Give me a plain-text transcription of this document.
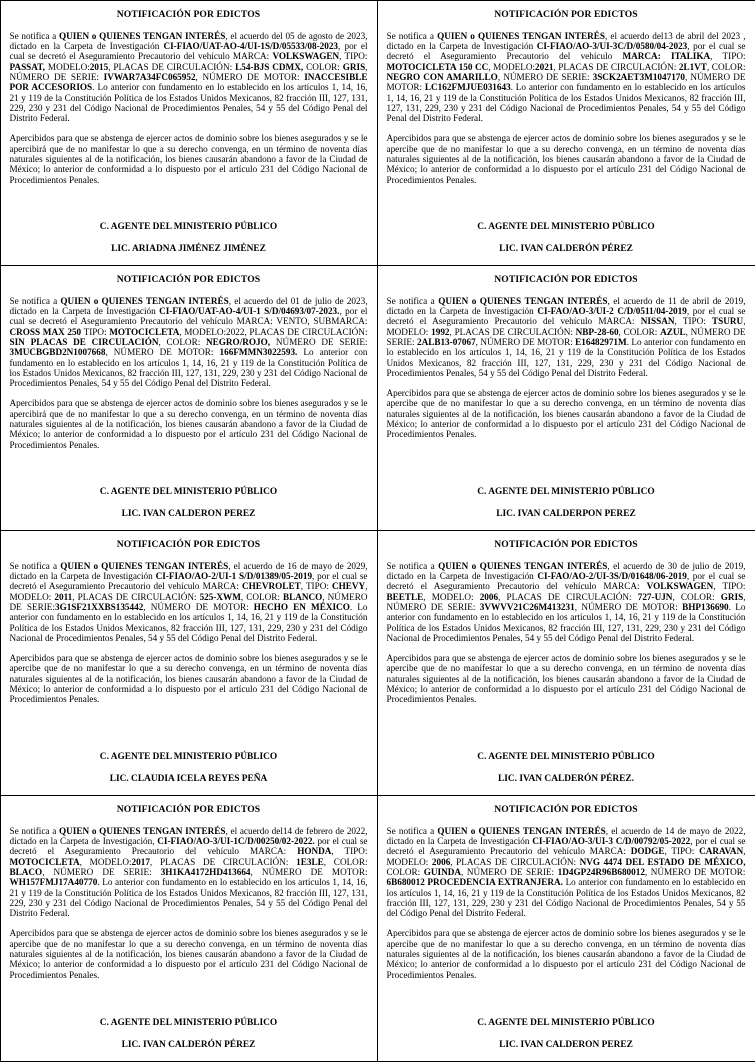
NOTIFICACIÓN POR EDICTOS

Se notifica a QUIEN o QUIENES TENGAN INTERÉS, el acuerdo del 05 de agosto de 2023, dictado en la Carpeta de Investigación CI-FIAO/UAT-AO-4/UI-1S/D/05533/08-2023, por el cual se decretó el Aseguramiento Precautorio del vehículo MARCA: VOLKSWAGEN, TIPO: PASSAT, MODELO:2015, PLACAS DE CIRCULACIÓN: L54-BJS CDMX, COLOR: GRIS, NÚMERO DE SERIE: IVWAR7A34FC065952, NÚMERO DE MOTOR: INACCESIBLE POR ACCESORIOS. Lo anterior con fundamento en lo establecido en los artículos 1, 14, 16, 21 y 119 de la Constitución Política de los Estados Unidos Mexicanos, 82 fracción III, 127, 131, 229, 230 y 231 del Código Nacional de Procedimientos Penales, 54 y 55 del Código Penal del Distrito Federal.

Apercibidos para que se abstenga de ejercer actos de dominio sobre los bienes asegurados y se le apercibirá que de no manifestar lo que a su derecho convenga, en un término de noventa días naturales siguientes al de la notificación, los bienes causarán abandono a favor de la Ciudad de México; lo anterior de conformidad a lo dispuesto por el artículo 231 del Código Nacional de Procedimientos Penales.

C. AGENTE DEL MINISTERIO PÚBLICO
LIC. ARIADNA JIMÉNEZ JIMÉNEZ
NOTIFICACIÓN POR EDICTOS

Se notifica a QUIEN o QUIENES TENGAN INTERÉS, el acuerdo del13 de abril del 2023 , dictado en la Carpeta de Investigación CI-FIAO/AO-3/UI-3C/D/0580/04-2023, por el cual se decretó el Aseguramiento Precautorio del vehículo MARCA: ITALIKA, TIPO: MOTOCICLETA 150 CC, MODELO:2021, PLACAS DE CIRCULACIÓN: 2L1VT, COLOR: NEGRO CON AMARILLO, NÚMERO DE SERIE: 3SCK2AET3M1047170, NÚMERO DE MOTOR: LC162FMJUE031643. Lo anterior con fundamento en lo establecido en los artículos 1, 14, 16, 21 y 119 de la Constitución Política de los Estados Unidos Mexicanos, 82 fracción III, 127, 131, 229, 230 y 231 del Código Nacional de Procedimientos Penales, 54 y 55 del Código Penal del Distrito Federal.

Apercibidos para que se abstenga de ejercer actos de dominio sobre los bienes asegurados y se le apercibe que de no manifestar lo que a su derecho convenga, en un término de noventa días naturales siguientes al de la notificación, los bienes causarán abandono a favor de la Ciudad de México; lo anterior de conformidad a lo dispuesto por el artículo 231 del Código Nacional de Procedimientos Penales.

C. AGENTE DEL MINISTERIO PÚBLICO
LIC. IVAN CALDERÓN PÉREZ
NOTIFICACIÓN POR EDICTOS

Se notifica a QUIEN o QUIENES TENGAN INTERÉS, el acuerdo del 01 de julio de 2023, dictado en la Carpeta de Investigación CI-FIAO/UAT-AO-4/UI-1 S/D/04693/07-2023., por el cual se decretó el Aseguramiento Precautorio del vehículo MARCA: VENTO, SUBMARCA: CROSS MAX 250 TIPO: MOTOCICLETA, MODELO:2022, PLACAS DE CIRCULACIÓN: SIN PLACAS DE CIRCULACIÓN, COLOR: NEGRO/ROJO, NÚMERO DE SERIE: 3MUCBGBD2N1007668, NÚMERO DE MOTOR: 166FMMN3022593. Lo anterior con fundamento en lo establecido en los artículos 1, 14, 16, 21 y 119 de la Constitución Política de los Estados Unidos Mexicanos, 82 fracción III, 127, 131, 229, 230 y 231 del Código Nacional de Procedimientos Penales, 54 y 55 del Código Penal del Distrito Federal.

Apercibidos para que se abstenga de ejercer actos de dominio sobre los bienes asegurados y se le apercibirá que de no manifestar lo que a su derecho convenga, en un término de noventa días naturales siguientes al de la notificación, los bienes causarán abandono a favor de la Ciudad de México; lo anterior de conformidad a lo dispuesto por el artículo 231 del Código Nacional de Procedimientos Penales.

C. AGENTE DEL MINISTERIO PÚBLICO
LIC. IVAN CALDERON PEREZ
NOTIFICACIÓN POR EDICTOS

Se notifica a QUIEN o QUIENES TENGAN INTERÉS, el acuerdo de 11 de abril de 2019, dictado en la Carpeta de Investigación CI-FAO/AO-3/UI-2 C/D/0511/04-2019, por el cual se decretó el Aseguramiento Precautorio del vehículo MARCA: NISSAN, TIPO: TSURU, MODELO: 1992, PLACAS DE CIRCULACIÓN: NBP-28-60, COLOR: AZUL, NÚMERO DE SERIE: 2ALB13-07067, NÚMERO DE MOTOR: E16482971M. Lo anterior con fundamento en lo establecido en los artículos 1, 14, 16, 21 y 119 de la Constitución Política de los Estados Unidos Mexicanos, 82 fracción III, 127, 131, 229, 230 y 231 del Código Nacional de Procedimientos Penales, 54 y 55 del Código Penal del Distrito Federal.

Apercibidos para que se abstenga de ejercer actos de dominio sobre los bienes asegurados y se le apercibe que de no manifestar lo que a su derecho convenga, en un término de noventa días naturales siguientes al de la notificación, los bienes causarán abandono a favor de la Ciudad de México; lo anterior de conformidad a lo dispuesto por el artículo 231 del Código Nacional de Procedimientos Penales.

C. AGENTE DEL MINISTERIO PÚBLICO
LIC. IVAN CALDERPON PEREZ
NOTIFICACIÓN POR EDICTOS

Se notifica a QUIEN o QUIENES TENGAN INTERÉS, el acuerdo de 16 de mayo de 2029, dictado en la Carpeta de Investigación CI-FIAO/AO-2/UI-1 S/D/01389/05-2019, por el cual se decretó el Aseguramiento Precautorio del vehículo MARCA: CHEVROLET, TIPO: CHEVY, MODELO: 2011, PLACAS DE CIRCULACIÓN: 525-XWM, COLOR: BLANCO, NÚMERO DE SERIE:3G1SF21XXBS135442, NÚMERO DE MOTOR: HECHO EN MÉXICO. Lo anterior con fundamento en lo establecido en los artículos 1, 14, 16, 21 y 119 de la Constitución Política de los Estados Unidos Mexicanos, 82 fracción III, 127, 131, 229, 230 y 231 del Código Nacional de Procedimientos Penales, 54 y 55 del Código Penal del Distrito Federal.

Apercibidos para que se abstenga de ejercer actos de dominio sobre los bienes asegurados y se le apercibe que de no manifestar lo que a su derecho convenga, en un término de noventa días naturales siguientes al de la notificación, los bienes causarán abandono a favor de la Ciudad de México; lo anterior de conformidad a lo dispuesto por el artículo 231 del Código Nacional de Procedimientos Penales.

C. AGENTE DEL MINISTERIO PÚBLICO
LIC. CLAUDIA ICELA REYES PEÑA
NOTIFICACIÓN POR EDICTOS

Se notifica a QUIEN o QUIENES TENGAN INTERÉS, el acuerdo de 30 de julio de 2019, dictado en la Carpeta de Investigación CI-FAO/AO-2/UI-3S/D/01648/06-2019, por el cual se decretó el Aseguramiento Precautorio del vehículo MARCA: VOLKSWAGEN, TIPO: BEETLE, MODELO: 2006, PLACAS DE CIRCULACIÓN: 727-UJN, COLOR: GRIS, NÚMERO DE SERIE: 3VWVV21C26M413231, NÚMERO DE MOTOR: BHP136690. Lo anterior con fundamento en lo establecido en los artículos 1, 14, 16, 21 y 119 de la Constitución Política de los Estados Unidos Mexicanos, 82 fracción III, 127, 131, 229, 230 y 231 del Código Nacional de Procedimientos Penales, 54 y 55 del Código Penal del Distrito Federal.

Apercibidos para que se abstenga de ejercer actos de dominio sobre los bienes asegurados y se le apercibe que de no manifestar lo que a su derecho convenga, en un término de noventa días naturales siguientes al de la notificación, los bienes causarán abandono a favor de la Ciudad de México; lo anterior de conformidad a lo dispuesto por el artículo 231 del Código Nacional de Procedimientos Penales.

C. AGENTE DEL MINISTERIO PÚBLICO
LIC. IVAN CALDERÓN PÉREZ.
NOTIFICACIÓN POR EDICTOS

Se notifica a QUIEN o QUIENES TENGAN INTERÉS, el acuerdo del14 de febrero de 2022, dictado en la Carpeta de Investigación, CI-FIAO/AO-3/UI-1C/D/00250/02-2022. por el cual se decretó el Aseguramiento Precautorio del vehículo MARCA: HONDA, TIPO: MOTOCICLETA, MODELO:2017, PLACAS DE CIRCULACIÓN: 1E3LE, COLOR: BLACO, NÚMERO DE SERIE: 3H1KA4172HD413664, NÚMERO DE MOTOR: WH157FMJ17A40770. Lo anterior con fundamento en lo establecido en los artículos 1, 14, 16, 21 y 119 de la Constitución Política de los Estados Unidos Mexicanos, 82 fracción III, 127, 131, 229, 230 y 231 del Código Nacional de Procedimientos Penales, 54 y 55 del Código Penal del Distrito Federal.

Apercibidos para que se abstenga de ejercer actos de dominio sobre los bienes asegurados y se le apercibe que de no manifestar lo que a su derecho convenga, en un término de noventa días naturales siguientes al de la notificación, los bienes causarán abandono a favor de la Ciudad de México; lo anterior de conformidad a lo dispuesto por el artículo 231 del Código Nacional de Procedimientos Penales.

C. AGENTE DEL MINISTERIO PÚBLICO
LIC. IVAN CALDERÓN PÉREZ
NOTIFICACIÓN POR EDICTOS

Se notifica a QUIEN o QUIENES TENGAN INTERÉS, el acuerdo de 14 de mayo de 2022, dictado en la Carpeta de Investigación CI-FIAO/AO-3/UI-3 C/D/00792/05-2022, por el cual se decretó el Aseguramiento Precautorio del vehículo MARCA: DODGE, TIPO: CARAVAN, MODELO: 2006, PLACAS DE CIRCULACIÓN: NVG 4474 DEL ESTADO DE MÉXICO, COLOR: GUINDA, NÚMERO DE SERIE: 1D4GP24R96B680012, NÚMERO DE MOTOR: 6B680012 PROCEDENCIA EXTRANJERA. Lo anterior con fundamento en lo establecido en los artículos 1, 14, 16, 21 y 119 de la Constitución Política de los Estados Unidos Mexicanos, 82 fracción III, 127, 131, 229, 230 y 231 del Código Nacional de Procedimientos Penales, 54 y 55 del Código Penal del Distrito Federal.

Apercibidos para que se abstenga de ejercer actos de dominio sobre los bienes asegurados y se le apercibe que de no manifestar lo que a su derecho convenga, en un término de noventa días naturales siguientes al de la notificación, los bienes causarán abandono a favor de la Ciudad de México; lo anterior de conformidad a lo dispuesto por el artículo 231 del Código Nacional de Procedimientos Penales.

C. AGENTE DEL MINISTERIO PÚBLICO
LIC. IVAN CALDERON PEREZ
